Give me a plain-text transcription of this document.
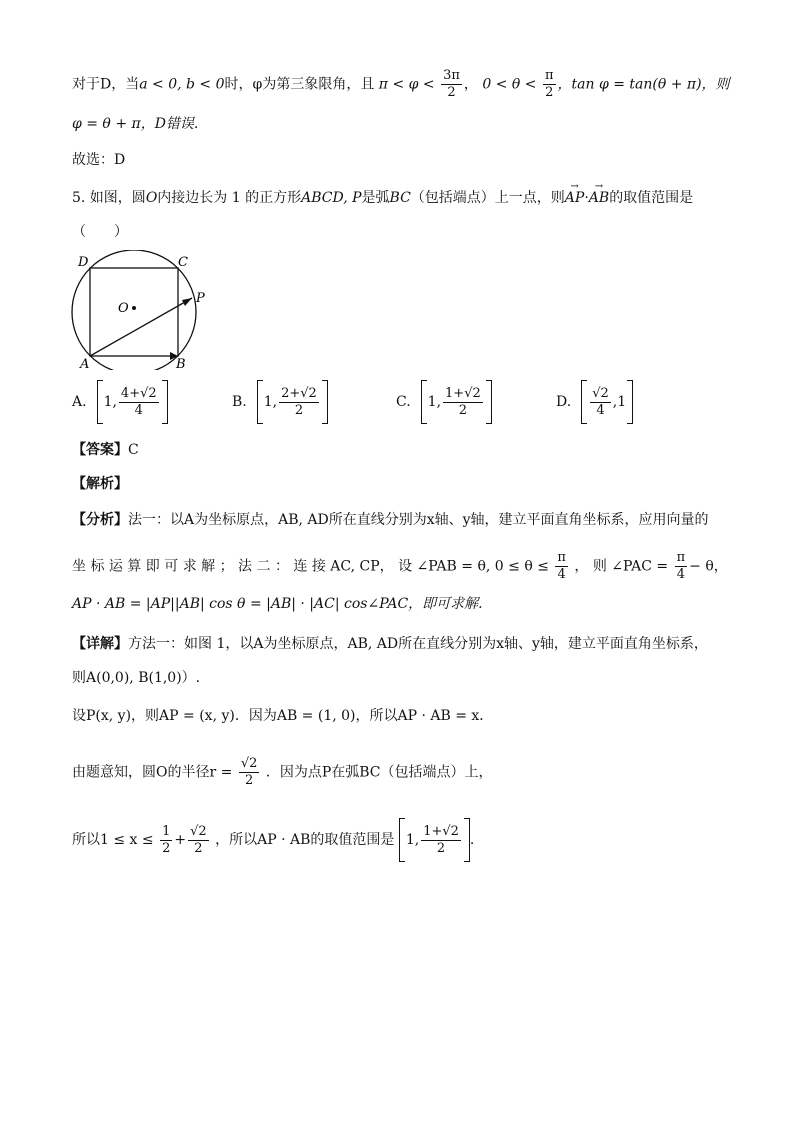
对于D，当a < 0, b < 0时，φ为第三象限角，且 $\pi < \varphi < \frac{3\pi}{2}$ ， $0 < \theta < \frac{\pi}{2}$ ，tan φ = tan(θ + π)，则
φ = θ + π，D错误.
故选：D
5. 如图，圆O内接边长为 1 的正方形ABCD, P是弧BC（包括端点）上一点，则→ AP·→ AB的取值范围是
（　　）
D	C
O
P
A	B
A. 1, $\frac{4+√2}{4}$	B. 1, $\frac{2+√2}{2}$	C. 1, $\frac{1+√2}{2}$	D. $\frac{√2}{4} ,1$
【答案】C
【解析】
【分析】法一：以A为坐标原点，AB, AD所在直线分别为x轴、y轴，建立平面直角坐标系，应用向量的
坐 标 运 算 即 可 求 解 ； 法 二 ： 连 接 AC, CP， 设 ∠PAB = θ, $0 \le \theta \le \frac{\pi}{4}$ ， 则 ∠PAC = $\frac{\pi}{4} - \theta$，
AP · AB = |AP||AB| cos θ = |AB| · |AC| cos∠PAC，即可求解.
【详解】方法一：如图 1，以A为坐标原点，AB, AD所在直线分别为x轴、y轴，建立平面直角坐标系，
则A(0,0), B(1,0)）.
设P(x, y)，则AP = (x, y)．因为AB = (1, 0)，所以AP · AB = x．
由题意知，圆O的半径$r = \frac{√2}{2}$ ．因为点P在弧BC（包括端点）上，
所以$1 \le x \le \frac{1}{2} + \frac{√2}{2}$ ，所以AP · AB的取值范围是 1, $\frac{1+√2}{2}$ .
